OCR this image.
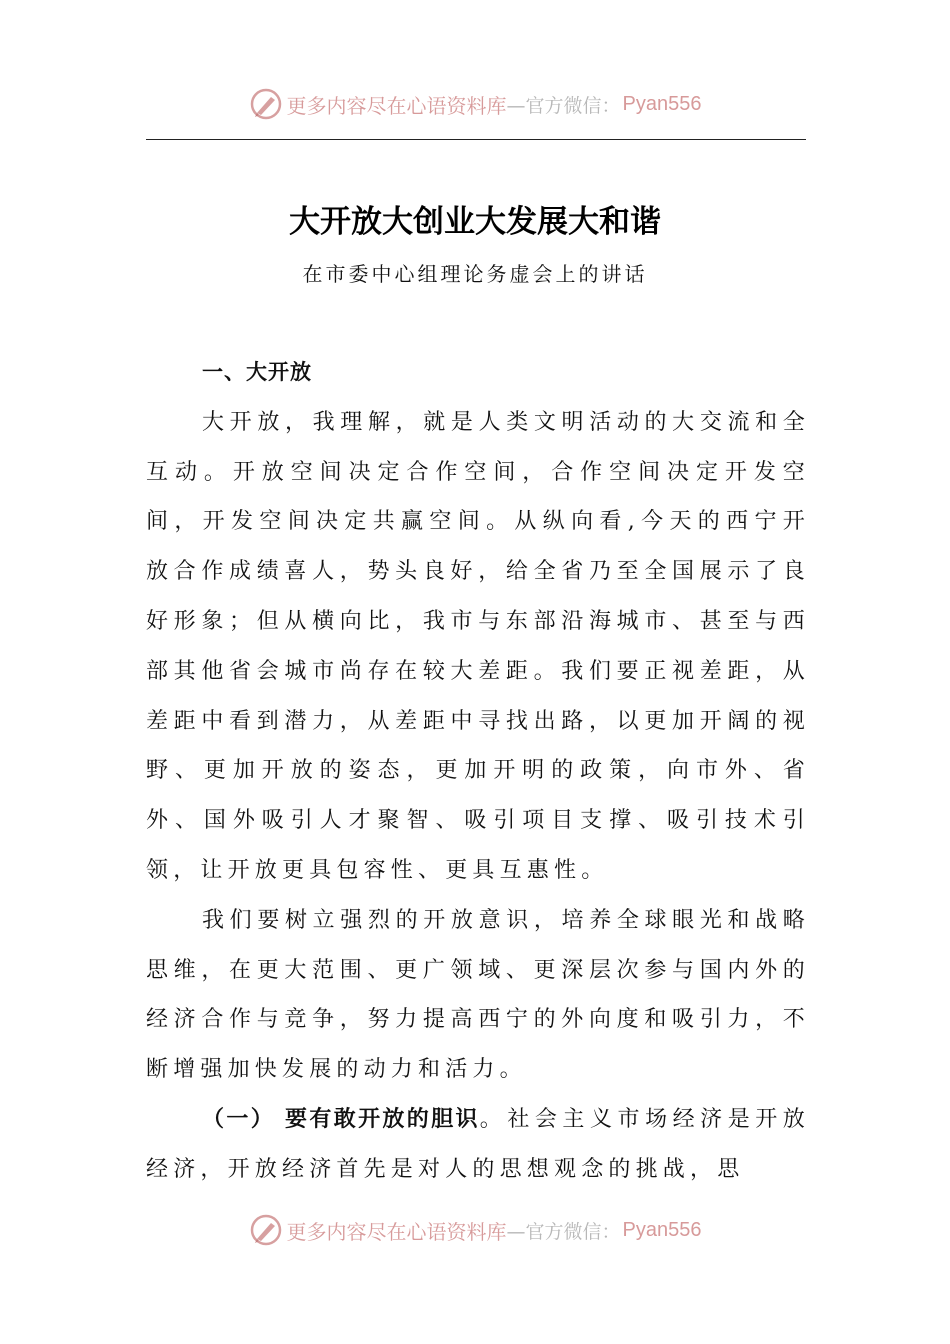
更多内容尽在心语资料库 —官方微信： Pyan556
大开放大创业大发展大和谐
在市委中心组理论务虚会上的讲话
一、大开放

大开放，我理解，就是人类文明活动的大交流和全互动。开放空间决定合作空间，合作空间决定开发空间，开发空间决定共赢空间。从纵向看,今天的西宁开放合作成绩喜人，势头良好，给全省乃至全国展示了良好形象；但从横向比，我市与东部沿海城市、甚至与西部其他省会城市尚存在较大差距。我们要正视差距，从差距中看到潜力，从差距中寻找出路，以更加开阔的视野、更加开放的姿态，更加开明的政策，向市外、省外、国外吸引人才聚智、吸引项目支撑、吸引技术引领，让开放更具包容性、更具互惠性。

我们要树立强烈的开放意识，培养全球眼光和战略思维，在更大范围、更广领域、更深层次参与国内外的经济合作与竞争，努力提高西宁的外向度和吸引力，不断增强加快发展的动力和活力。

（一） 要有敢开放的胆识。社会主义市场经济是开放经济，开放经济首先是对人的思想观念的挑战，思

更多内容尽在心语资料库 —官方微信： Pyan556
